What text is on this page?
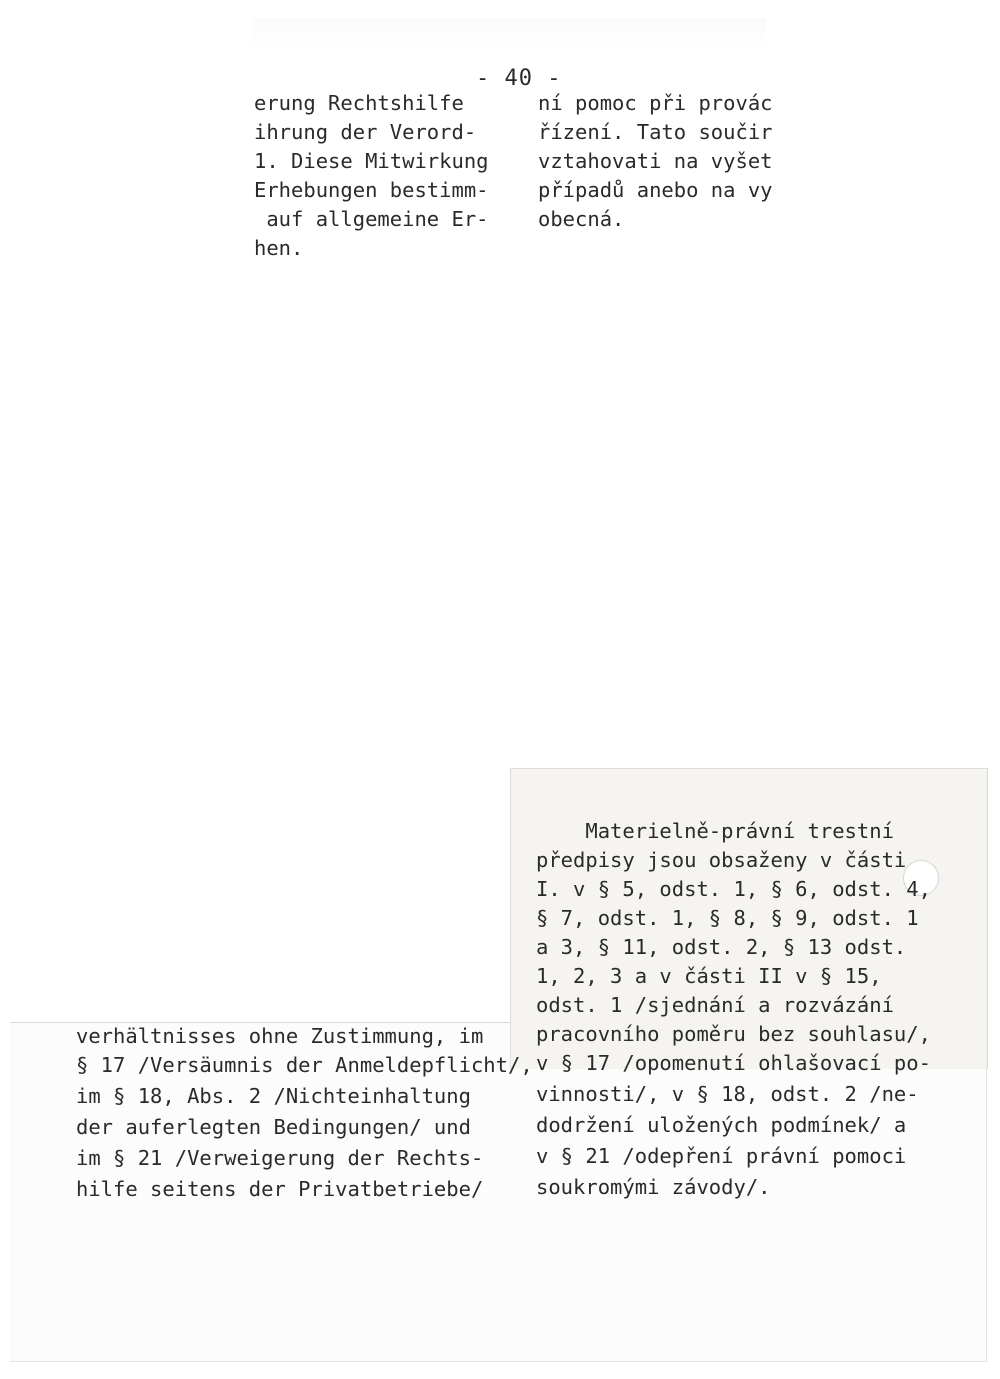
- 40 -
erung Rechtshilfe
ihrung der Verord-
1. Diese Mitwirkung
Erhebungen bestimm-
auf allgemeine Er-
hen.
ní pomoc při provác
řízení. Tato součir
vztahovati na vyšet
případů anebo na vy
obecná.
Materielně-právní trestní
předpisy jsou obsaženy v části
I. v § 5, odst. 1, § 6, odst. 4,
§ 7, odst. 1, § 8, § 9, odst. 1
a 3, § 11, odst. 2, § 13 odst.
1, 2, 3 a v části II v § 15,
odst. 1 /sjednání a rozvázání
pracovního poměru bez souhlasu/,
v § 17 /opomenutí ohlašovací po-
vinnosti/, v § 18, odst. 2 /ne-
dodržení uložených podmínek/ a
v § 21 /odepření právní pomoci
soukromými závody/.
verhältnisses ohne Zustimmung, im
§ 17 /Versäumnis der Anmeldepflicht/,
im § 18, Abs. 2 /Nichteinhaltung
der auferlegten Bedingungen/ und
im § 21 /Verweigerung der Rechts-
hilfe seitens der Privatbetriebe/
